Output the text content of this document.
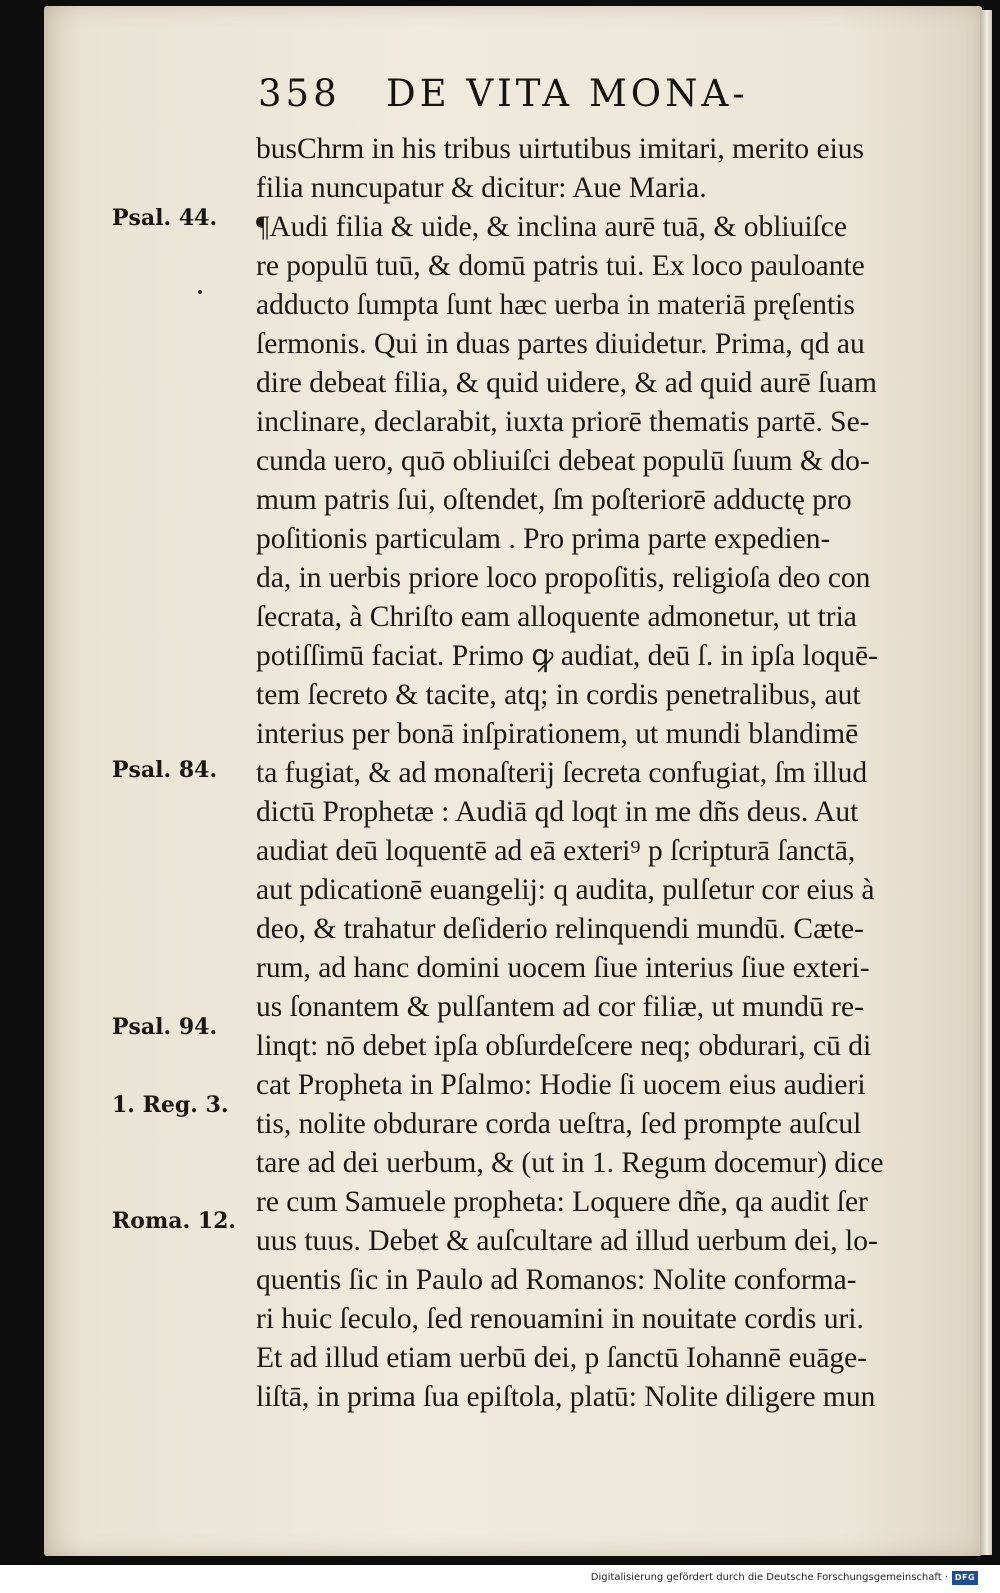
358 DE VITA MONA-
Psal. 44.
Psal. 84.
Psal. 94.
1. Reg. 3.
Roma. 12.
busChrm in his tribus uirtutibus imitari, merito eius
filia nuncupatur & dicitur: Aue Maria.
¶Audi filia & uide, & inclina aurē tuā, & obliuiſce
re populū tuū, & domū patris tui. Ex loco pauloante
adducto ſumpta ſunt hæc uerba in materiā pręſentis
ſermonis. Qui in duas partes diuidetur. Prima, qd au
dire debeat filia, & quid uidere, & ad quid aurē ſuam
inclinare, declarabit, iuxta priorē thematis partē. Se-
cunda uero, quō obliuiſci debeat populū ſuum & do-
mum patris ſui, oſtendet, ſm poſteriorē adductę pro
poſitionis particulam . Pro prima parte expedien-
da, in uerbis priore loco propoſitis, religioſa deo con
ſecrata, à Chriſto eam alloquente admonetur, ut tria
potiſſimū faciat. Primo ꝙ audiat, deū ſ. in ipſa loquē-
tem ſecreto & tacite, atq; in cordis penetralibus, aut
interius per bonā inſpirationem, ut mundi blandimē
ta fugiat, & ad monaſterij ſecreta confugiat, ſm illud
dictū Prophetæ : Audiā qd loqt in me dñs deus. Aut
audiat deū loquentē ad eā exteri⁹ p ſcripturā ſanctā,
aut pdicationē euangelij: q audita, pulſetur cor eius à
deo, & trahatur deſiderio relinquendi mundū. Cæte-
rum, ad hanc domini uocem ſiue interius ſiue exteri-
us ſonantem & pulſantem ad cor filiæ, ut mundū re-
linqt: nō debet ipſa obſurdeſcere neq; obdurari, cū di
cat Propheta in Pſalmo: Hodie ſi uocem eius audieri
tis, nolite obdurare corda ueſtra, ſed prompte auſcul
tare ad dei uerbum, & (ut in 1. Regum docemur) dice
re cum Samuele propheta: Loquere dñe, qa audit ſer
uus tuus. Debet & auſcultare ad illud uerbum dei, lo-
quentis ſic in Paulo ad Romanos: Nolite conforma-
ri huic ſeculo, ſed renouamini in nouitate cordis uri.
Et ad illud etiam uerbū dei, p ſanctū Iohannē euāge-
liſtā, in prima ſua epiſtola, platū: Nolite diligere mun
Digitalisierung gefördert durch die Deutsche Forschungsgemeinschaft · DFG
